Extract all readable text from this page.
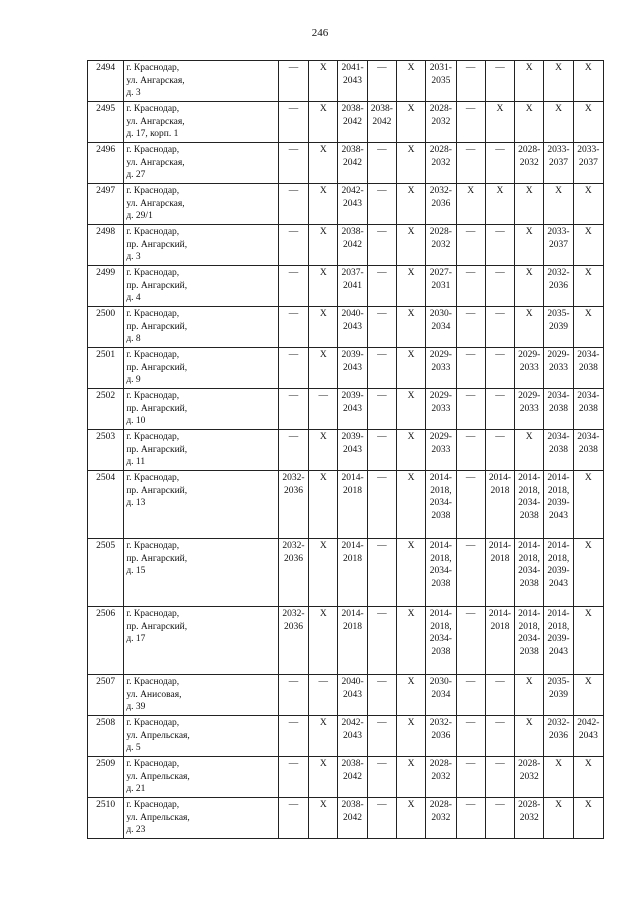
246
2494	г. Краснодар,
ул. Ангарская,
д. 3	—	X	2041-
2043	—	X	2031-
2035	—	—	X	X	X
2495	г. Краснодар,
ул. Ангарская,
д. 17, корп. 1	—	X	2038-
2042	2038-
2042	X	2028-
2032	—	X	X	X	X
2496	г. Краснодар,
ул. Ангарская,
д. 27	—	X	2038-
2042	—	X	2028-
2032	—	—	2028-
2032	2033-
2037	2033-
2037
2497	г. Краснодар,
ул. Ангарская,
д. 29/1	—	X	2042-
2043	—	X	2032-
2036	X	X	X	X	X
2498	г. Краснодар,
пр. Ангарский,
д. 3	—	X	2038-
2042	—	X	2028-
2032	—	—	X	2033-
2037	X
2499	г. Краснодар,
пр. Ангарский,
д. 4	—	X	2037-
2041	—	X	2027-
2031	—	—	X	2032-
2036	X
2500	г. Краснодар,
пр. Ангарский,
д. 8	—	X	2040-
2043	—	X	2030-
2034	—	—	X	2035-
2039	X
2501	г. Краснодар,
пр. Ангарский,
д. 9	—	X	2039-
2043	—	X	2029-
2033	—	—	2029-
2033	2029-
2033	2034-
2038
2502	г. Краснодар,
пр. Ангарский,
д. 10	—	—	2039-
2043	—	X	2029-
2033	—	—	2029-
2033	2034-
2038	2034-
2038
2503	г. Краснодар,
пр. Ангарский,
д. 11	—	X	2039-
2043	—	X	2029-
2033	—	—	X	2034-
2038	2034-
2038
2504	г. Краснодар,
пр. Ангарский,
д. 13	2032-
2036	X	2014-
2018	—	X	2014-
2018,
2034-
2038	—	2014-
2018	2014-
2018,
2034-
2038	2014-
2018,
2039-
2043	X
2505	г. Краснодар,
пр. Ангарский,
д. 15	2032-
2036	X	2014-
2018	—	X	2014-
2018,
2034-
2038	—	2014-
2018	2014-
2018,
2034-
2038	2014-
2018,
2039-
2043	X
2506	г. Краснодар,
пр. Ангарский,
д. 17	2032-
2036	X	2014-
2018	—	X	2014-
2018,
2034-
2038	—	2014-
2018	2014-
2018,
2034-
2038	2014-
2018,
2039-
2043	X
2507	г. Краснодар,
ул. Анисовая,
д. 39	—	—	2040-
2043	—	X	2030-
2034	—	—	X	2035-
2039	X
2508	г. Краснодар,
ул. Апрельская,
д. 5	—	X	2042-
2043	—	X	2032-
2036	—	—	X	2032-
2036	2042-
2043
2509	г. Краснодар,
ул. Апрельская,
д. 21	—	X	2038-
2042	—	X	2028-
2032	—	—	2028-
2032	X	X
2510	г. Краснодар,
ул. Апрельская,
д. 23	—	X	2038-
2042	—	X	2028-
2032	—	—	2028-
2032	X	X
